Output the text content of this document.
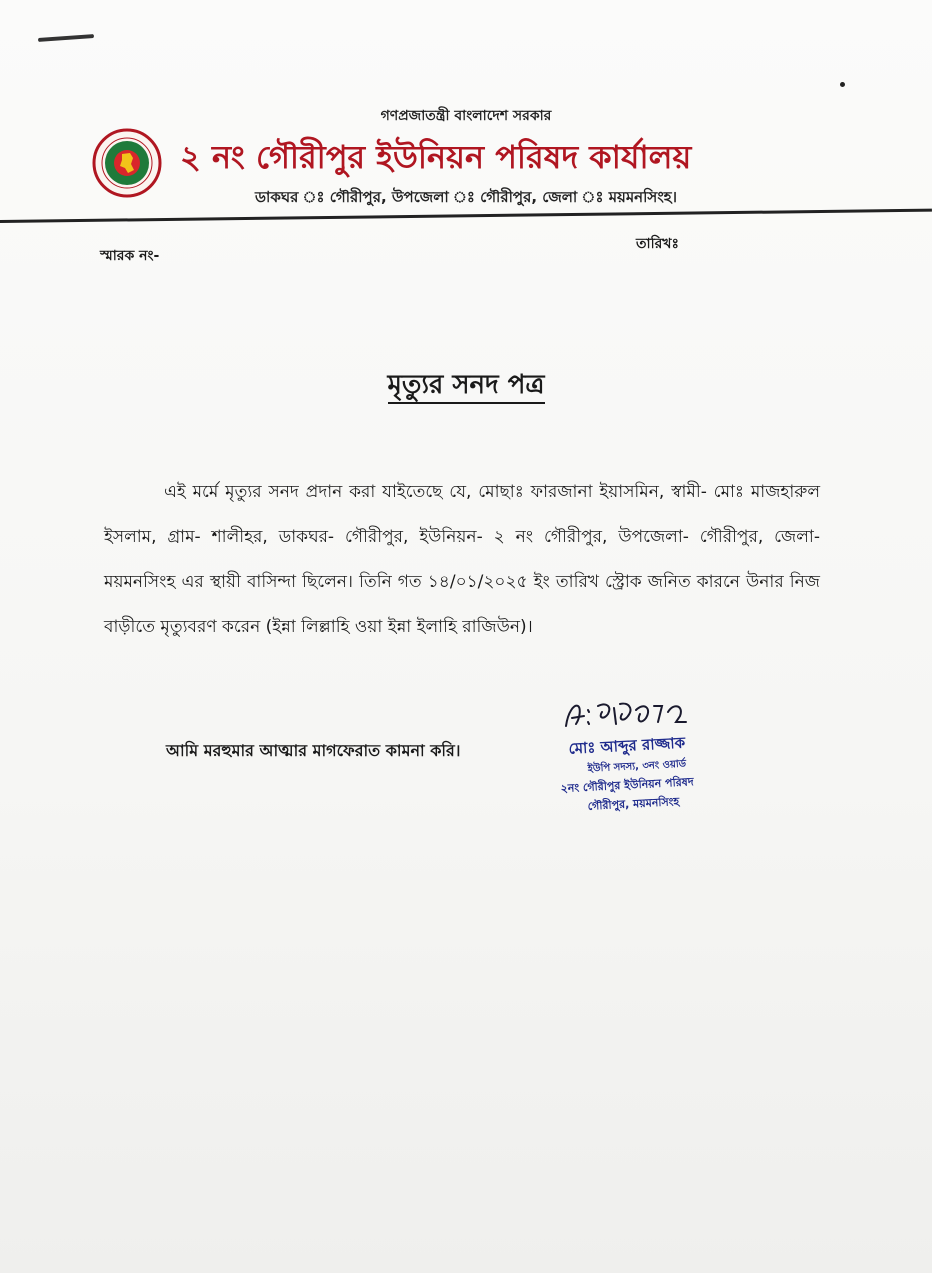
গণপ্রজাতন্ত্রী বাংলাদেশ সরকার
২ নং গৌরীপুর ইউনিয়ন পরিষদ কার্যালয়
ডাকঘর ঃ গৌরীপুর, উপজেলা ঃ গৌরীপুর, জেলা ঃ ময়মনসিংহ।
স্মারক নং-
তারিখঃ
মৃত্যুর সনদ পত্র
এই মর্মে মৃত্যুর সনদ প্রদান করা যাইতেছে যে, মোছাঃ ফারজানা ইয়াসমিন, স্বামী- মোঃ মাজহারুল ইসলাম, গ্রাম- শালীহর, ডাকঘর- গৌরীপুর, ইউনিয়ন- ২ নং গৌরীপুর, উপজেলা- গৌরীপুর, জেলা- ময়মনসিংহ এর স্থায়ী বাসিন্দা ছিলেন। তিনি গত ১৪/০১/২০২৫ ইং তারিখ স্ট্রোক জনিত কারনে উনার নিজ বাড়ীতে মৃত্যুবরণ করেন (ইন্না লিল্লাহি ওয়া ইন্না ইলাহি রাজিউন)।
আমি মরহুমার আত্মার মাগফেরাত কামনা করি।	মোঃ আব্দুর রাজ্জাক
ইউপি সদস্য, ৩নং ওয়ার্ড
২নং গৌরীপুর ইউনিয়ন পরিষদ
গৌরীপুর, ময়মনসিংহ
